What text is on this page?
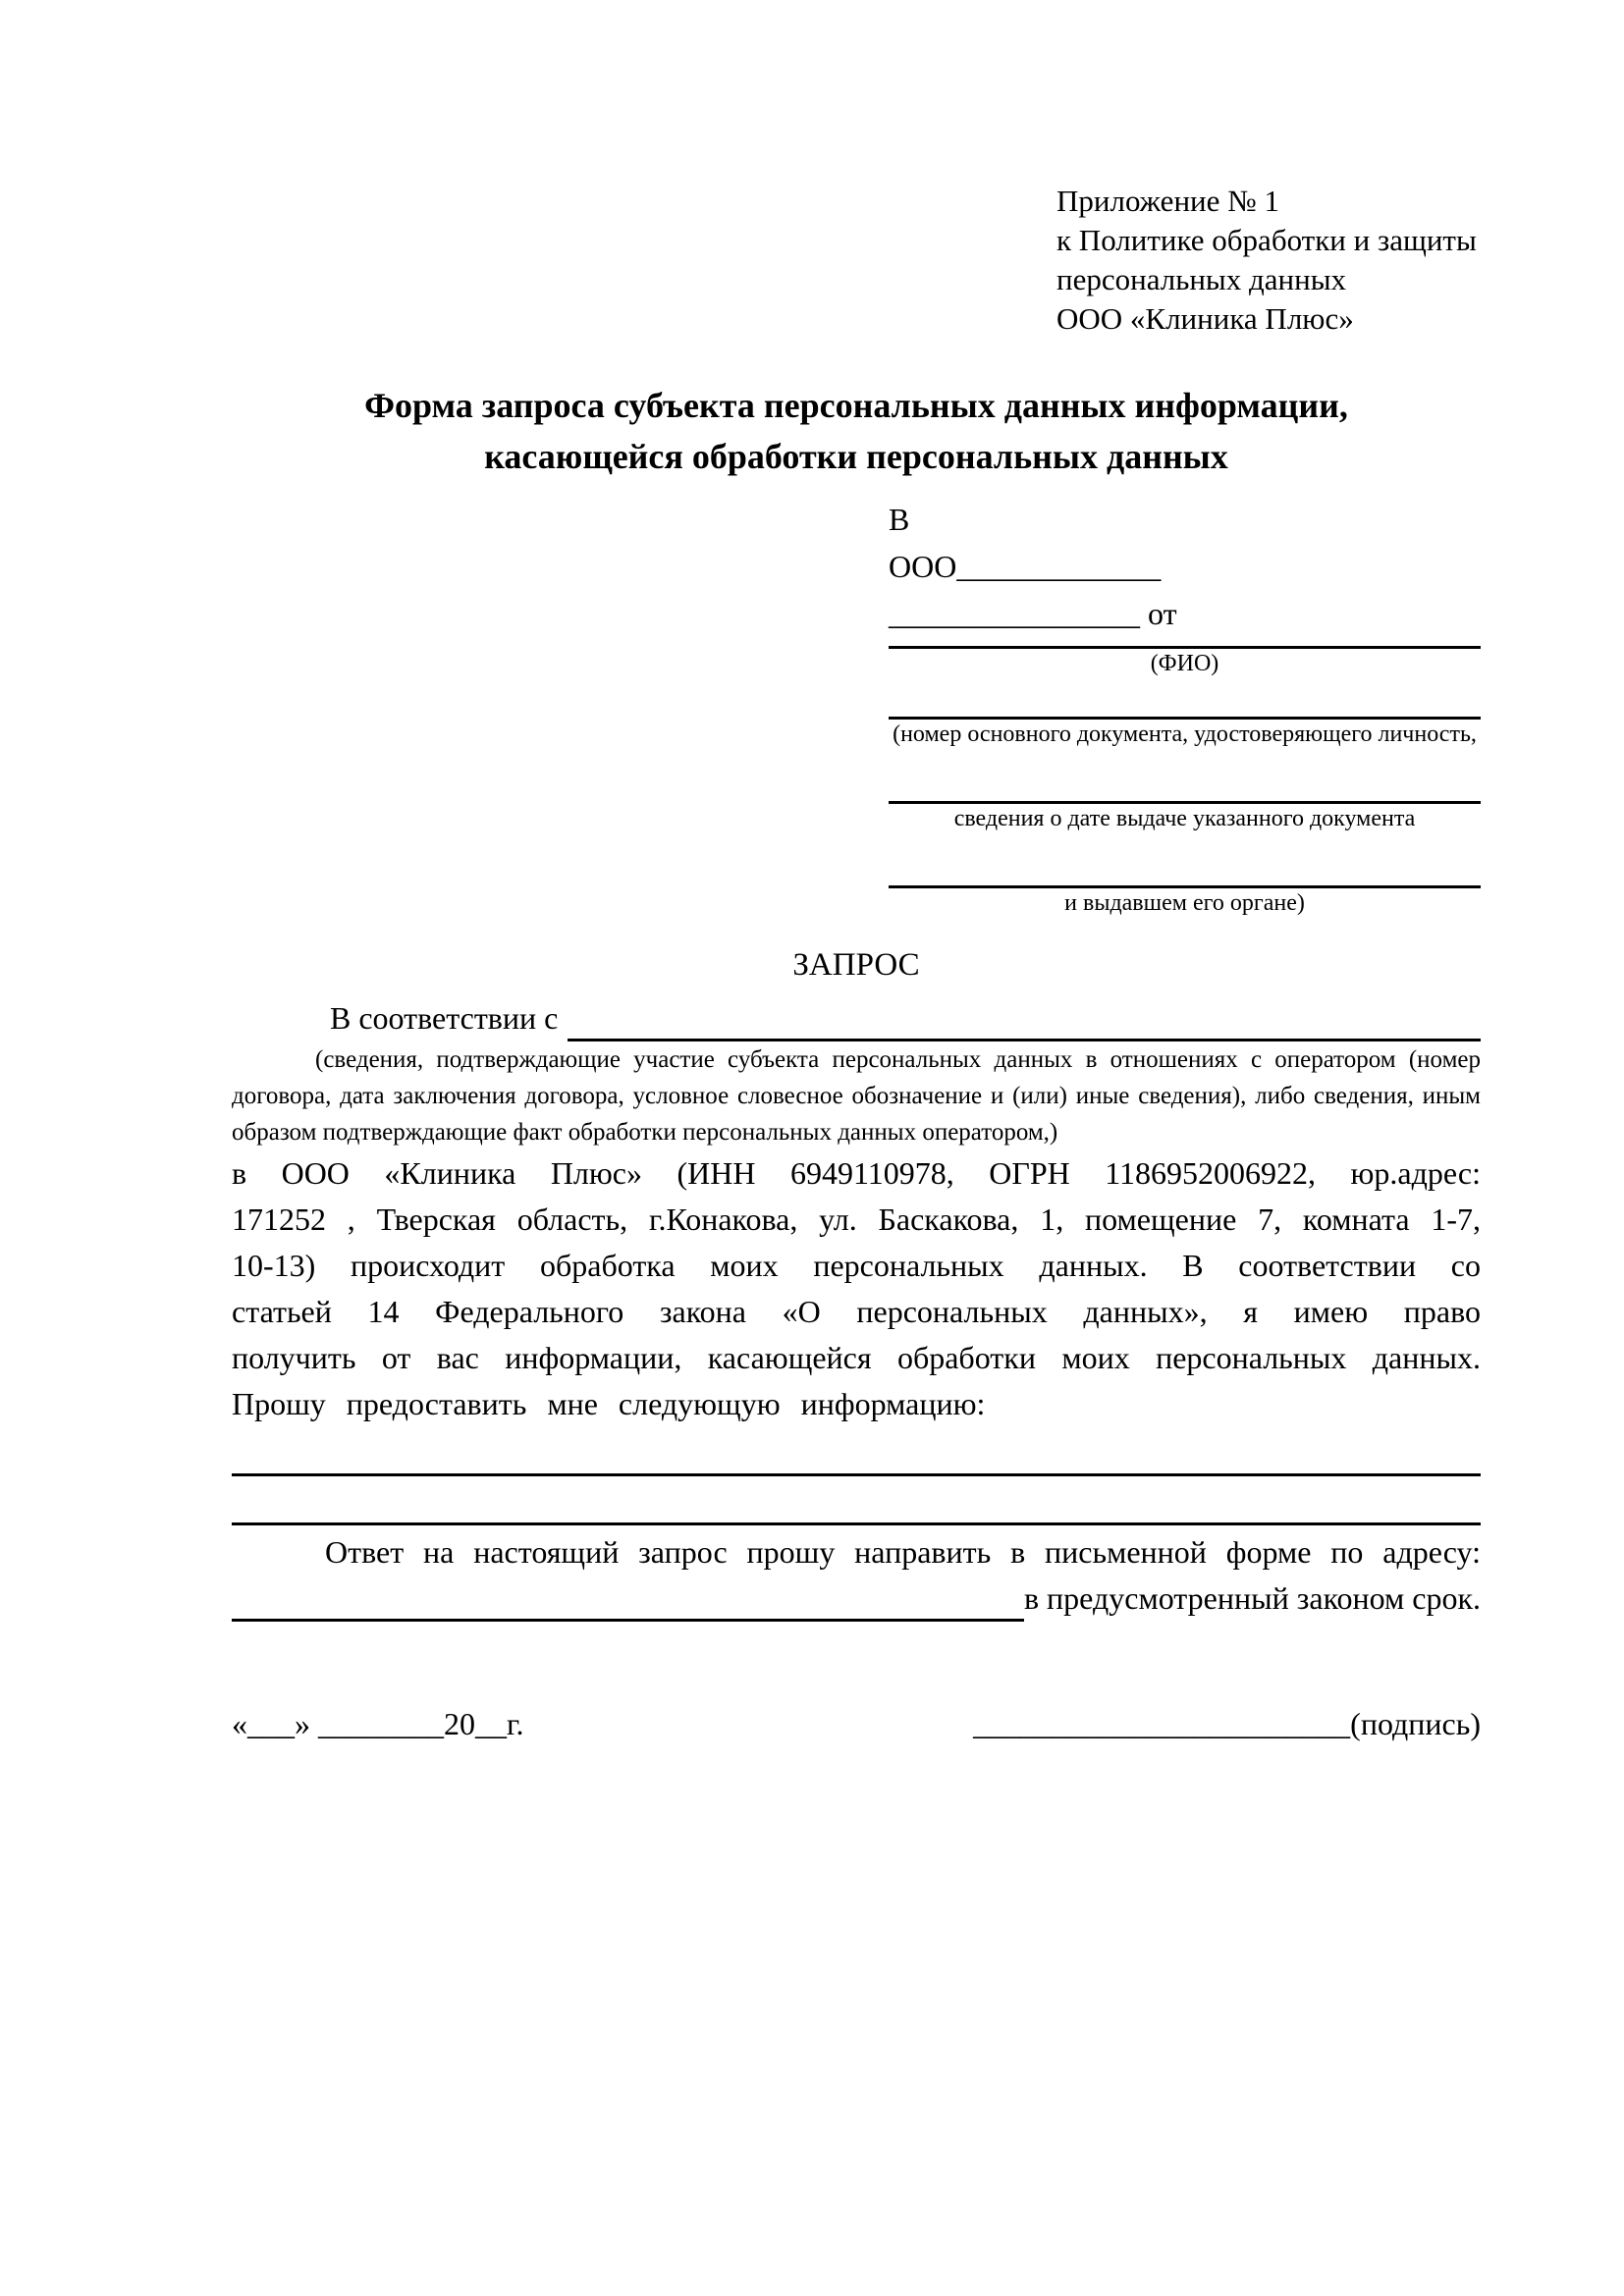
Приложение № 1
к Политике обработки и защиты
персональных данных
ООО «Клиника Плюс»
Форма запроса субъекта персональных данных информации,
касающейся обработки персональных данных
В
ООО_____________
________________ от
(ФИО)
(номер основного документа, удостоверяющего личность,
сведения о дате выдаче указанного документа
и выдавшем его органе)
ЗАПРОС
В соответствии с
(сведения, подтверждающие участие субъекта персональных данных в отношениях с оператором (номер договора, дата заключения договора, условное словесное обозначение и (или) иные сведения), либо сведения, иным образом подтверждающие факт обработки персональных данных оператором,)
в ООО «Клиника Плюс» (ИНН 6949110978, ОГРН 1186952006922, юр.адрес: 171252 , Тверская область, г.Конакова, ул. Баскакова, 1, помещение 7, комната 1-7, 10-13) происходит обработка моих персональных данных. В соответствии со статьей 14 Федерального закона «О персональных данных», я имею право получить от вас информации, касающейся обработки моих персональных данных. Прошу предоставить мне следующую информацию:
Ответ на настоящий запрос прошу направить в письменной форме по адресу:
в предусмотренный законом срок.
«___» ________20__г.	________________________(подпись)
